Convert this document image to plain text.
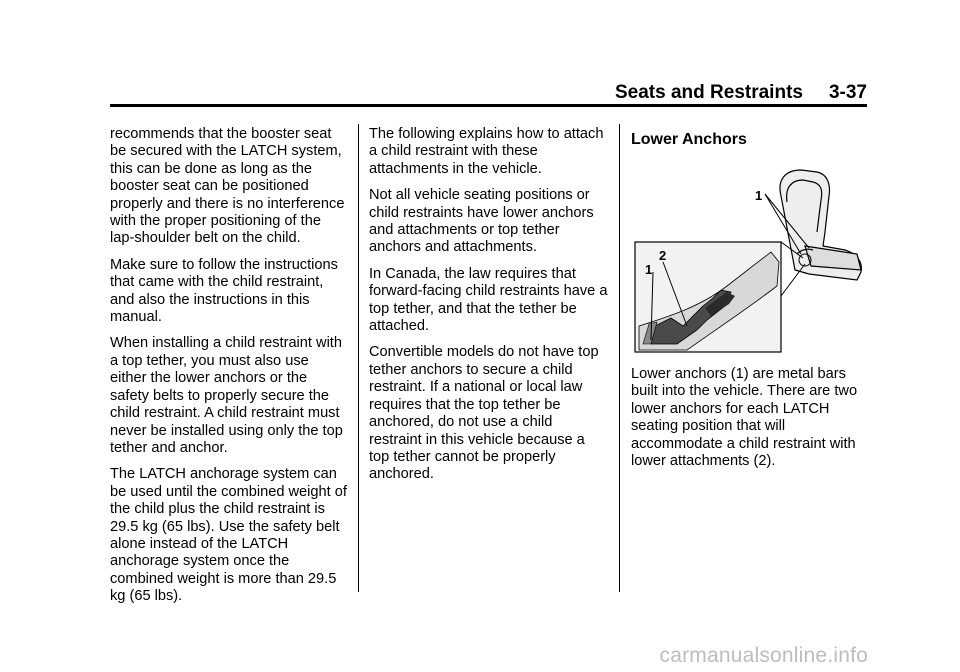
Seats and Restraints 3-37

recommends that the booster seat be secured with the LATCH system, this can be done as long as the booster seat can be positioned properly and there is no interference with the proper positioning of the lap-shoulder belt on the child.

Make sure to follow the instructions that came with the child restraint, and also the instructions in this manual.

When installing a child restraint with a top tether, you must also use either the lower anchors or the safety belts to properly secure the child restraint. A child restraint must never be installed using only the top tether and anchor.

The LATCH anchorage system can be used until the combined weight of the child plus the child restraint is 29.5 kg (65 lbs). Use the safety belt alone instead of the LATCH anchorage system once the combined weight is more than 29.5 kg (65 lbs).

The following explains how to attach a child restraint with these attachments in the vehicle.

Not all vehicle seating positions or child restraints have lower anchors and attachments or top tether anchors and attachments.

In Canada, the law requires that forward-facing child restraints have a top tether, and that the tether be attached.

Convertible models do not have top tether anchors to secure a child restraint. If a national or local law requires that the top tether be anchored, do not use a child restraint in this vehicle because a top tether cannot be properly anchored.

Lower Anchors
1
1
2

Lower anchors (1) are metal bars built into the vehicle. There are two lower anchors for each LATCH seating position that will accommodate a child restraint with lower attachments (2).

carmanualsonline.info
